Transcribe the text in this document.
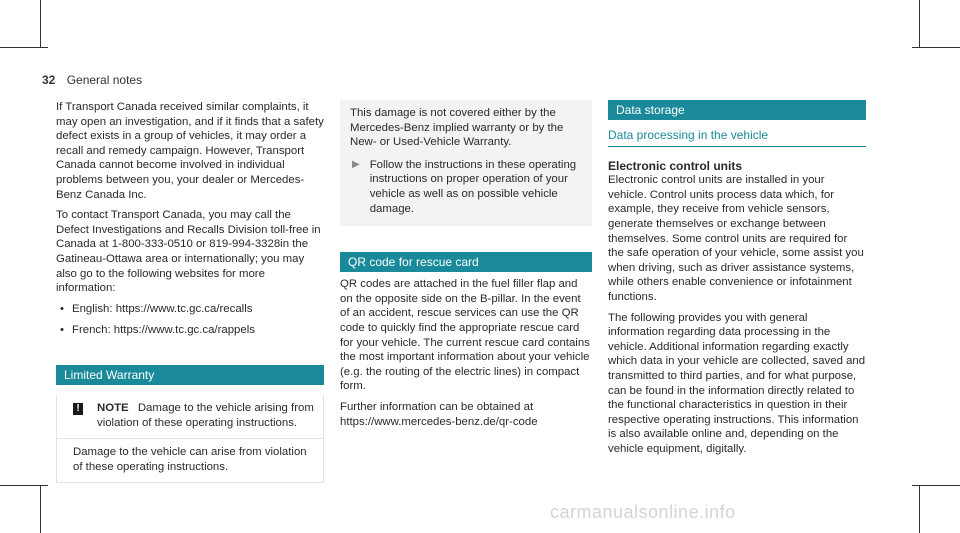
32 General notes

If Transport Canada received similar complaints, it may open an investigation, and if it finds that a safety defect exists in a group of vehicles, it may order a recall and remedy campaign. However, Transport Canada cannot become involved in individual problems between you, your dealer or Mercedes-Benz Canada Inc.

To contact Transport Canada, you may call the Defect Investigations and Recalls Division toll-free in Canada at 1-800-333-0510 or 819-994-3328in the Gatineau-Ottawa area or internationally; you may also go to the following websites for more information:

• English: https://www.tc.gc.ca/recalls
• French: https://www.tc.gc.ca/rappels
Limited Warranty
! NOTE Damage to the vehicle arising from violation of these operating instructions.
Damage to the vehicle can arise from violation of these operating instructions.

This damage is not covered either by the Mercedes-Benz implied warranty or by the New- or Used-Vehicle Warranty.

▶ Follow the instructions in these operating instructions on proper operation of your vehicle as well as on possible vehicle damage.
QR code for rescue card

QR codes are attached in the fuel filler flap and on the opposite side on the B-pillar. In the event of an accident, rescue services can use the QR code to quickly find the appropriate rescue card for your vehicle. The current rescue card contains the most important information about your vehicle (e.g. the routing of the electric lines) in compact form.

Further information can be obtained at https://www.mercedes-benz.de/qr-code

Data storage
Data processing in the vehicle

Electronic control units

Electronic control units are installed in your vehicle. Control units process data which, for example, they receive from vehicle sensors, generate themselves or exchange between themselves. Some control units are required for the safe operation of your vehicle, some assist you when driving, such as driver assistance systems, while others enable convenience or infotainment functions.

The following provides you with general information regarding data processing in the vehicle. Additional information regarding exactly which data in your vehicle are collected, saved and transmitted to third parties, and for what purpose, can be found in the information directly related to the functional characteristics in question in their respective operating instructions. This information is also available online and, depending on the vehicle equipment, digitally.

carmanualsonline.info
